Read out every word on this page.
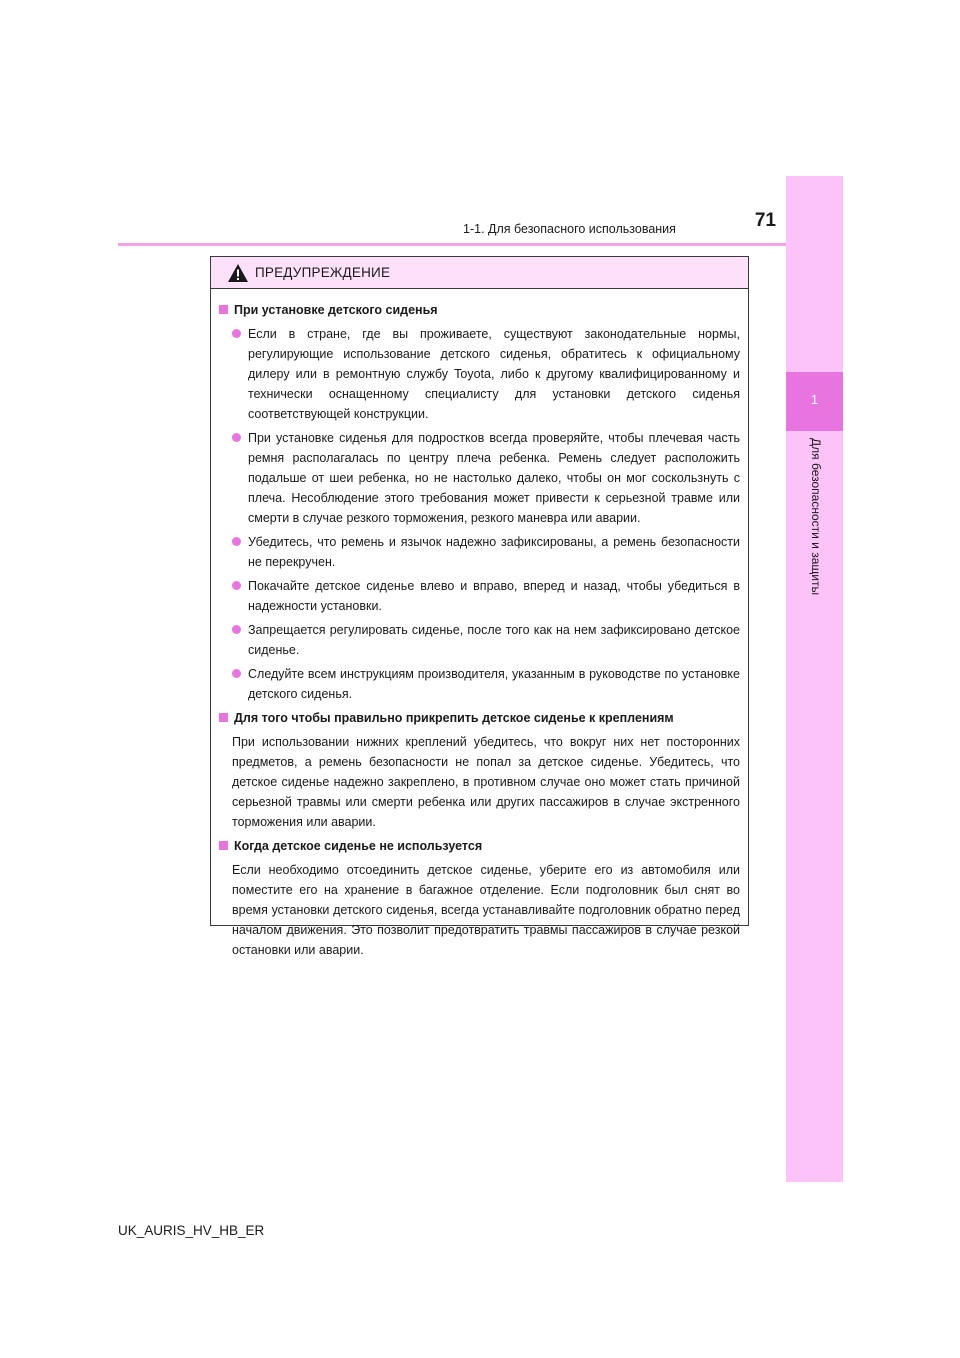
1-1. Для безопасного использования	71
1
Для безопасности и защиты
ПРЕДУПРЕЖДЕНИЕ
При установке детского сиденья
Если в стране, где вы проживаете, существуют законодательные нормы, регулирующие использование детского сиденья, обратитесь к официальному дилеру или в ремонтную службу Toyota, либо к другому квалифицированному и технически оснащенному специалисту для установки детского сиденья соответствующей конструкции.
При установке сиденья для подростков всегда проверяйте, чтобы плечевая часть ремня располагалась по центру плеча ребенка. Ремень следует расположить подальше от шеи ребенка, но не настолько далеко, чтобы он мог соскользнуть с плеча. Несоблюдение этого требования может привести к серьезной травме или смерти в случае резкого торможения, резкого маневра или аварии.
Убедитесь, что ремень и язычок надежно зафиксированы, а ремень безопасности не перекручен.
Покачайте детское сиденье влево и вправо, вперед и назад, чтобы убедиться в надежности установки.
Запрещается регулировать сиденье, после того как на нем зафиксировано детское сиденье.
Следуйте всем инструкциям производителя, указанным в руководстве по установке детского сиденья.
Для того чтобы правильно прикрепить детское сиденье к креплениям
При использовании нижних креплений убедитесь, что вокруг них нет посторонних предметов, а ремень безопасности не попал за детское сиденье. Убедитесь, что детское сиденье надежно закреплено, в противном случае оно может стать причиной серьезной травмы или смерти ребенка или других пассажиров в случае экстренного торможения или аварии.
Когда детское сиденье не используется
Если необходимо отсоединить детское сиденье, уберите его из автомобиля или поместите его на хранение в багажное отделение. Если подголовник был снят во время установки детского сиденья, всегда устанавливайте подголовник обратно перед началом движения. Это позволит предотвратить травмы пассажиров в случае резкой остановки или аварии.
UK_AURIS_HV_HB_ER
